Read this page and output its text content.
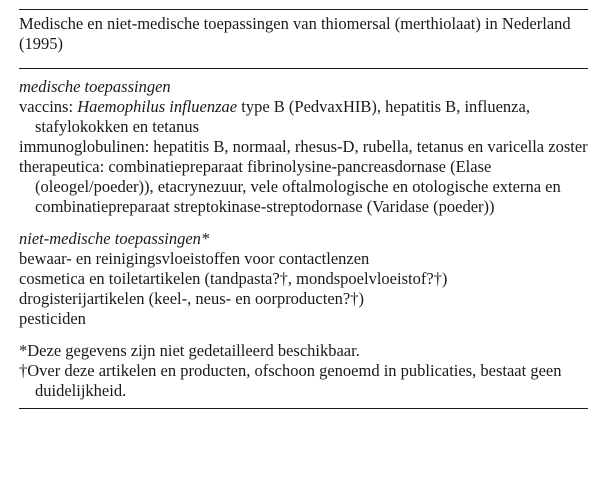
Medische en niet-medische toepassingen van thiomersal (merthiolaat) in Nederland (1995)
medische toepassingen
vaccins: Haemophilus influenzae type B (PedvaxHIB), hepatitis B, influenza, stafylokokken en tetanus
immunoglobulinen: hepatitis B, normaal, rhesus-D, rubella, tetanus en varicella zoster
therapeutica: combinatiepreparaat fibrinolysine-pancreasdornase (Elase (oleogel/poeder)), etacrynezuur, vele oftalmologische en otologische externa en combinatiepreparaat streptokinase-streptodornase (Varidase (poeder))
niet-medische toepassingen*
bewaar- en reinigingsvloeistoffen voor contactlenzen
cosmetica en toiletartikelen (tandpasta?†, mondspoelvloeistof?†)
drogisterijartikelen (keel-, neus- en oorproducten?†)
pesticiden
*Deze gegevens zijn niet gedetailleerd beschikbaar.
†Over deze artikelen en producten, ofschoon genoemd in publicaties, bestaat geen duidelijkheid.
